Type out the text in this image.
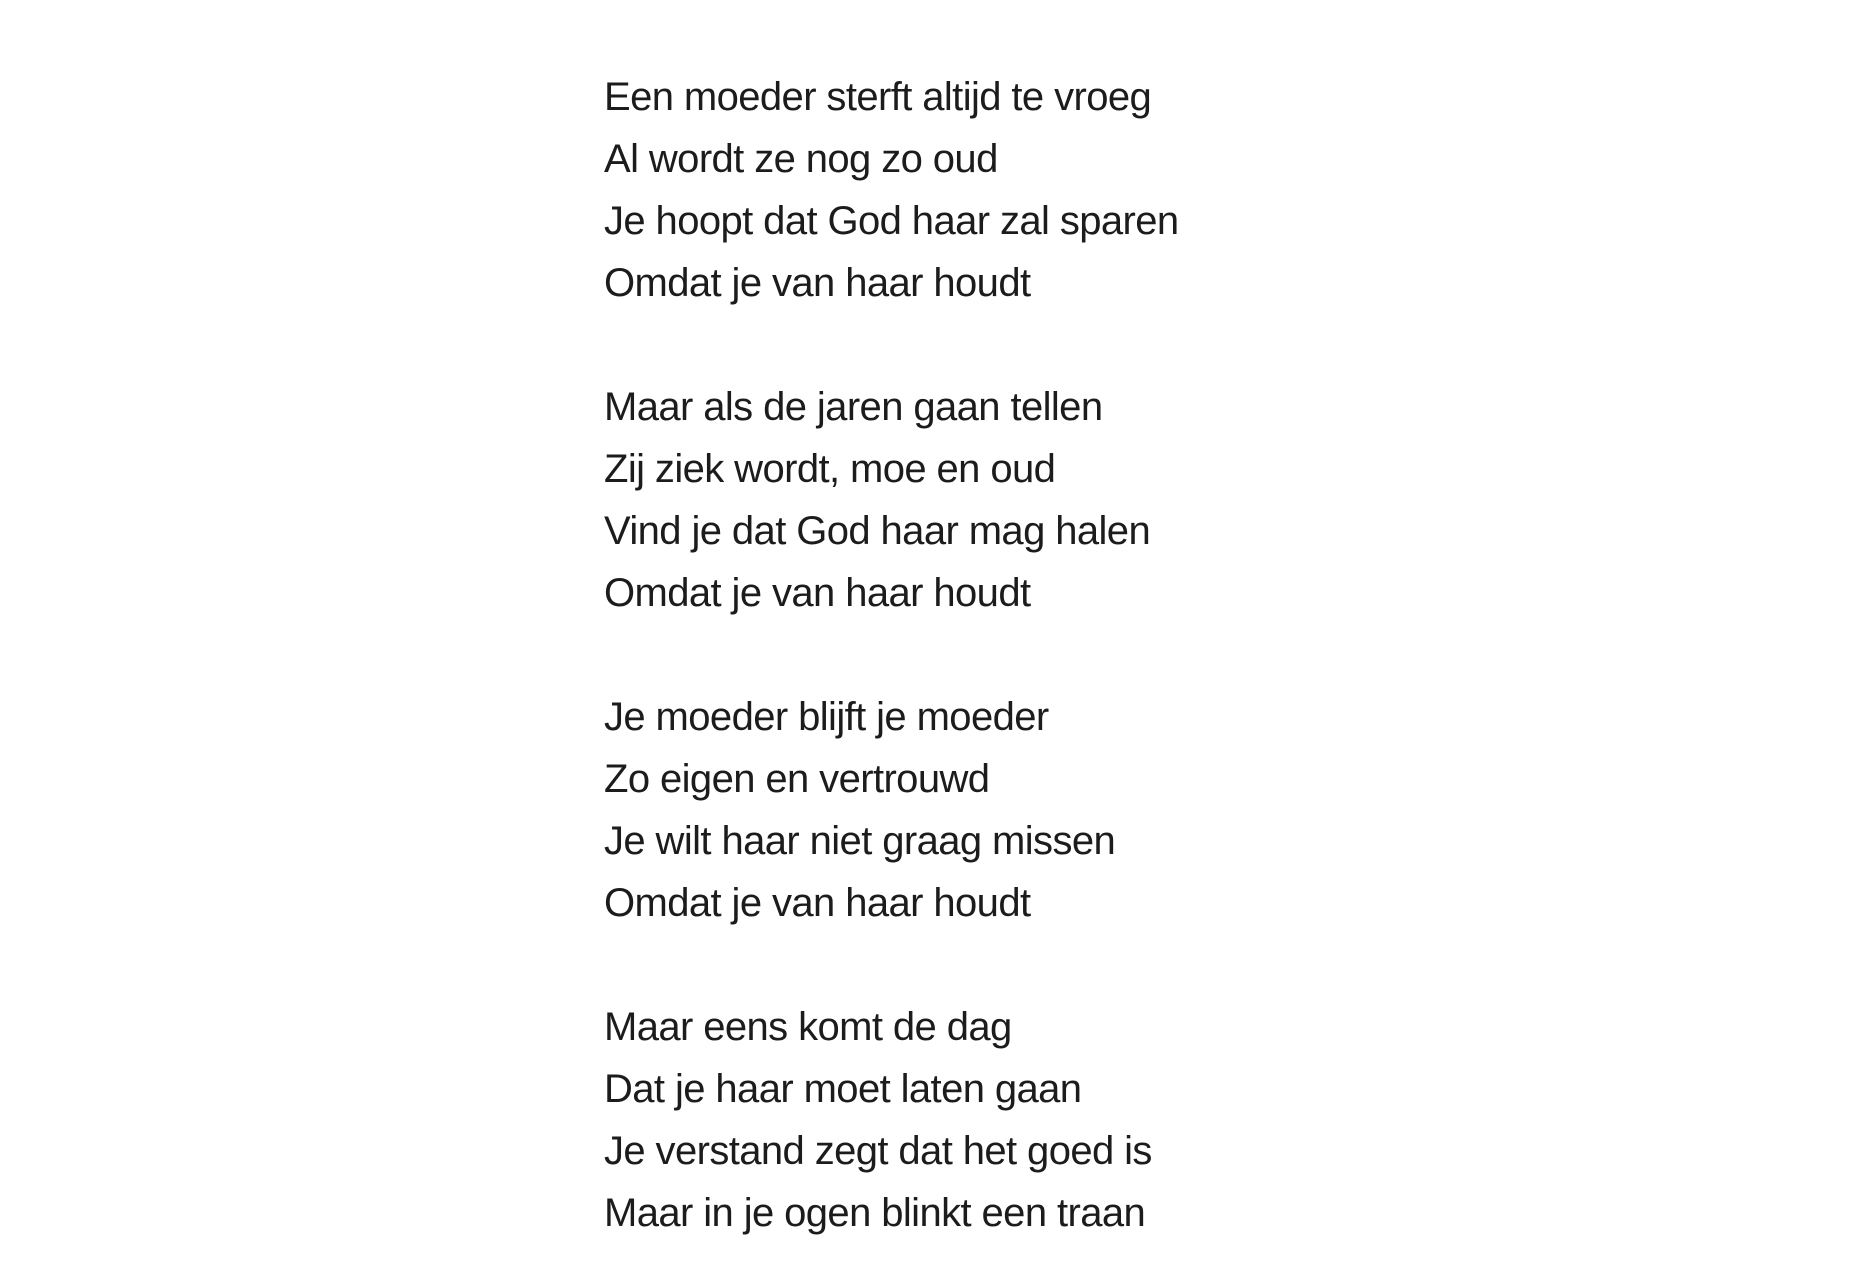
Een moeder sterft altijd te vroeg
Al wordt ze nog zo oud
Je hoopt dat God haar zal sparen
Omdat je van haar houdt
Maar als de jaren gaan tellen
Zij ziek wordt, moe en oud
Vind je dat God haar mag halen
Omdat je van haar houdt
Je moeder blijft je moeder
Zo eigen en vertrouwd
Je wilt haar niet graag missen
Omdat je van haar houdt
Maar eens komt de dag
Dat je haar moet laten gaan
Je verstand zegt dat het goed is
Maar in je ogen blinkt een traan
